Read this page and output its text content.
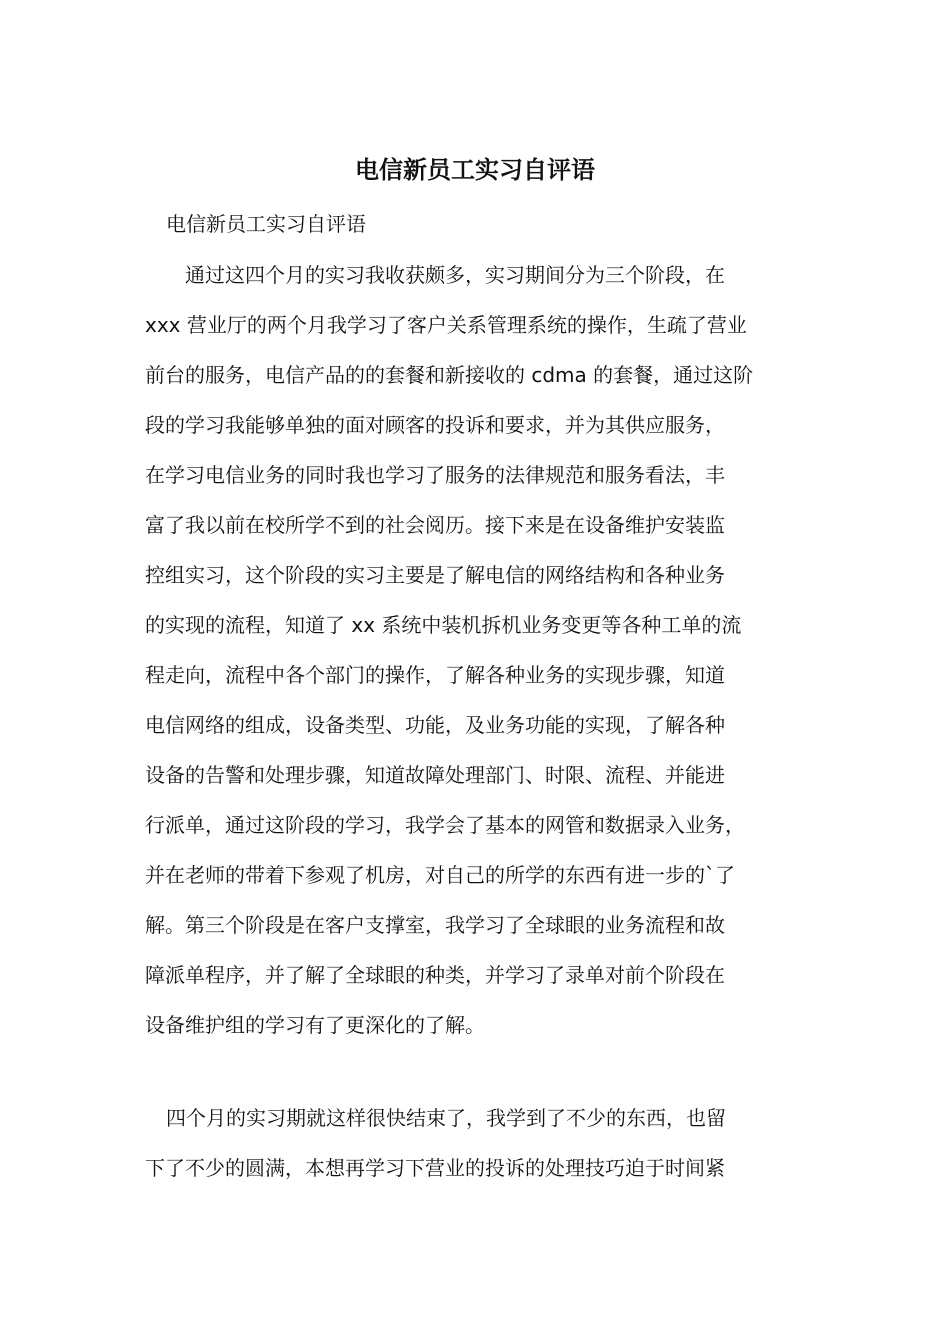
电信新员工实习自评语

电信新员工实习自评语

通过这四个月的实习我收获颇多，实习期间分为三个阶段，在

xxx 营业厅的两个月我学习了客户关系管理系统的操作，生疏了营业

前台的服务，电信产品的的套餐和新接收的 cdma 的套餐，通过这阶

段的学习我能够单独的面对顾客的投诉和要求，并为其供应服务，

在学习电信业务的同时我也学习了服务的法律规范和服务看法，丰

富了我以前在校所学不到的社会阅历。接下来是在设备维护安装监

控组实习，这个阶段的实习主要是了解电信的网络结构和各种业务

的实现的流程，知道了 xx 系统中装机拆机业务变更等各种工单的流

程走向，流程中各个部门的操作，了解各种业务的实现步骤，知道

电信网络的组成，设备类型、功能，及业务功能的实现，了解各种

设备的告警和处理步骤，知道故障处理部门、时限、流程、并能进

行派单，通过这阶段的学习，我学会了基本的网管和数据录入业务，

并在老师的带着下参观了机房，对自己的所学的东西有进一步的`了

解。第三个阶段是在客户支撑室，我学习了全球眼的业务流程和故

障派单程序，并了解了全球眼的种类，并学习了录单对前个阶段在

设备维护组的学习有了更深化的了解。

四个月的实习期就这样很快结束了，我学到了不少的东西，也留

下了不少的圆满，本想再学习下营业的投诉的处理技巧迫于时间紧
